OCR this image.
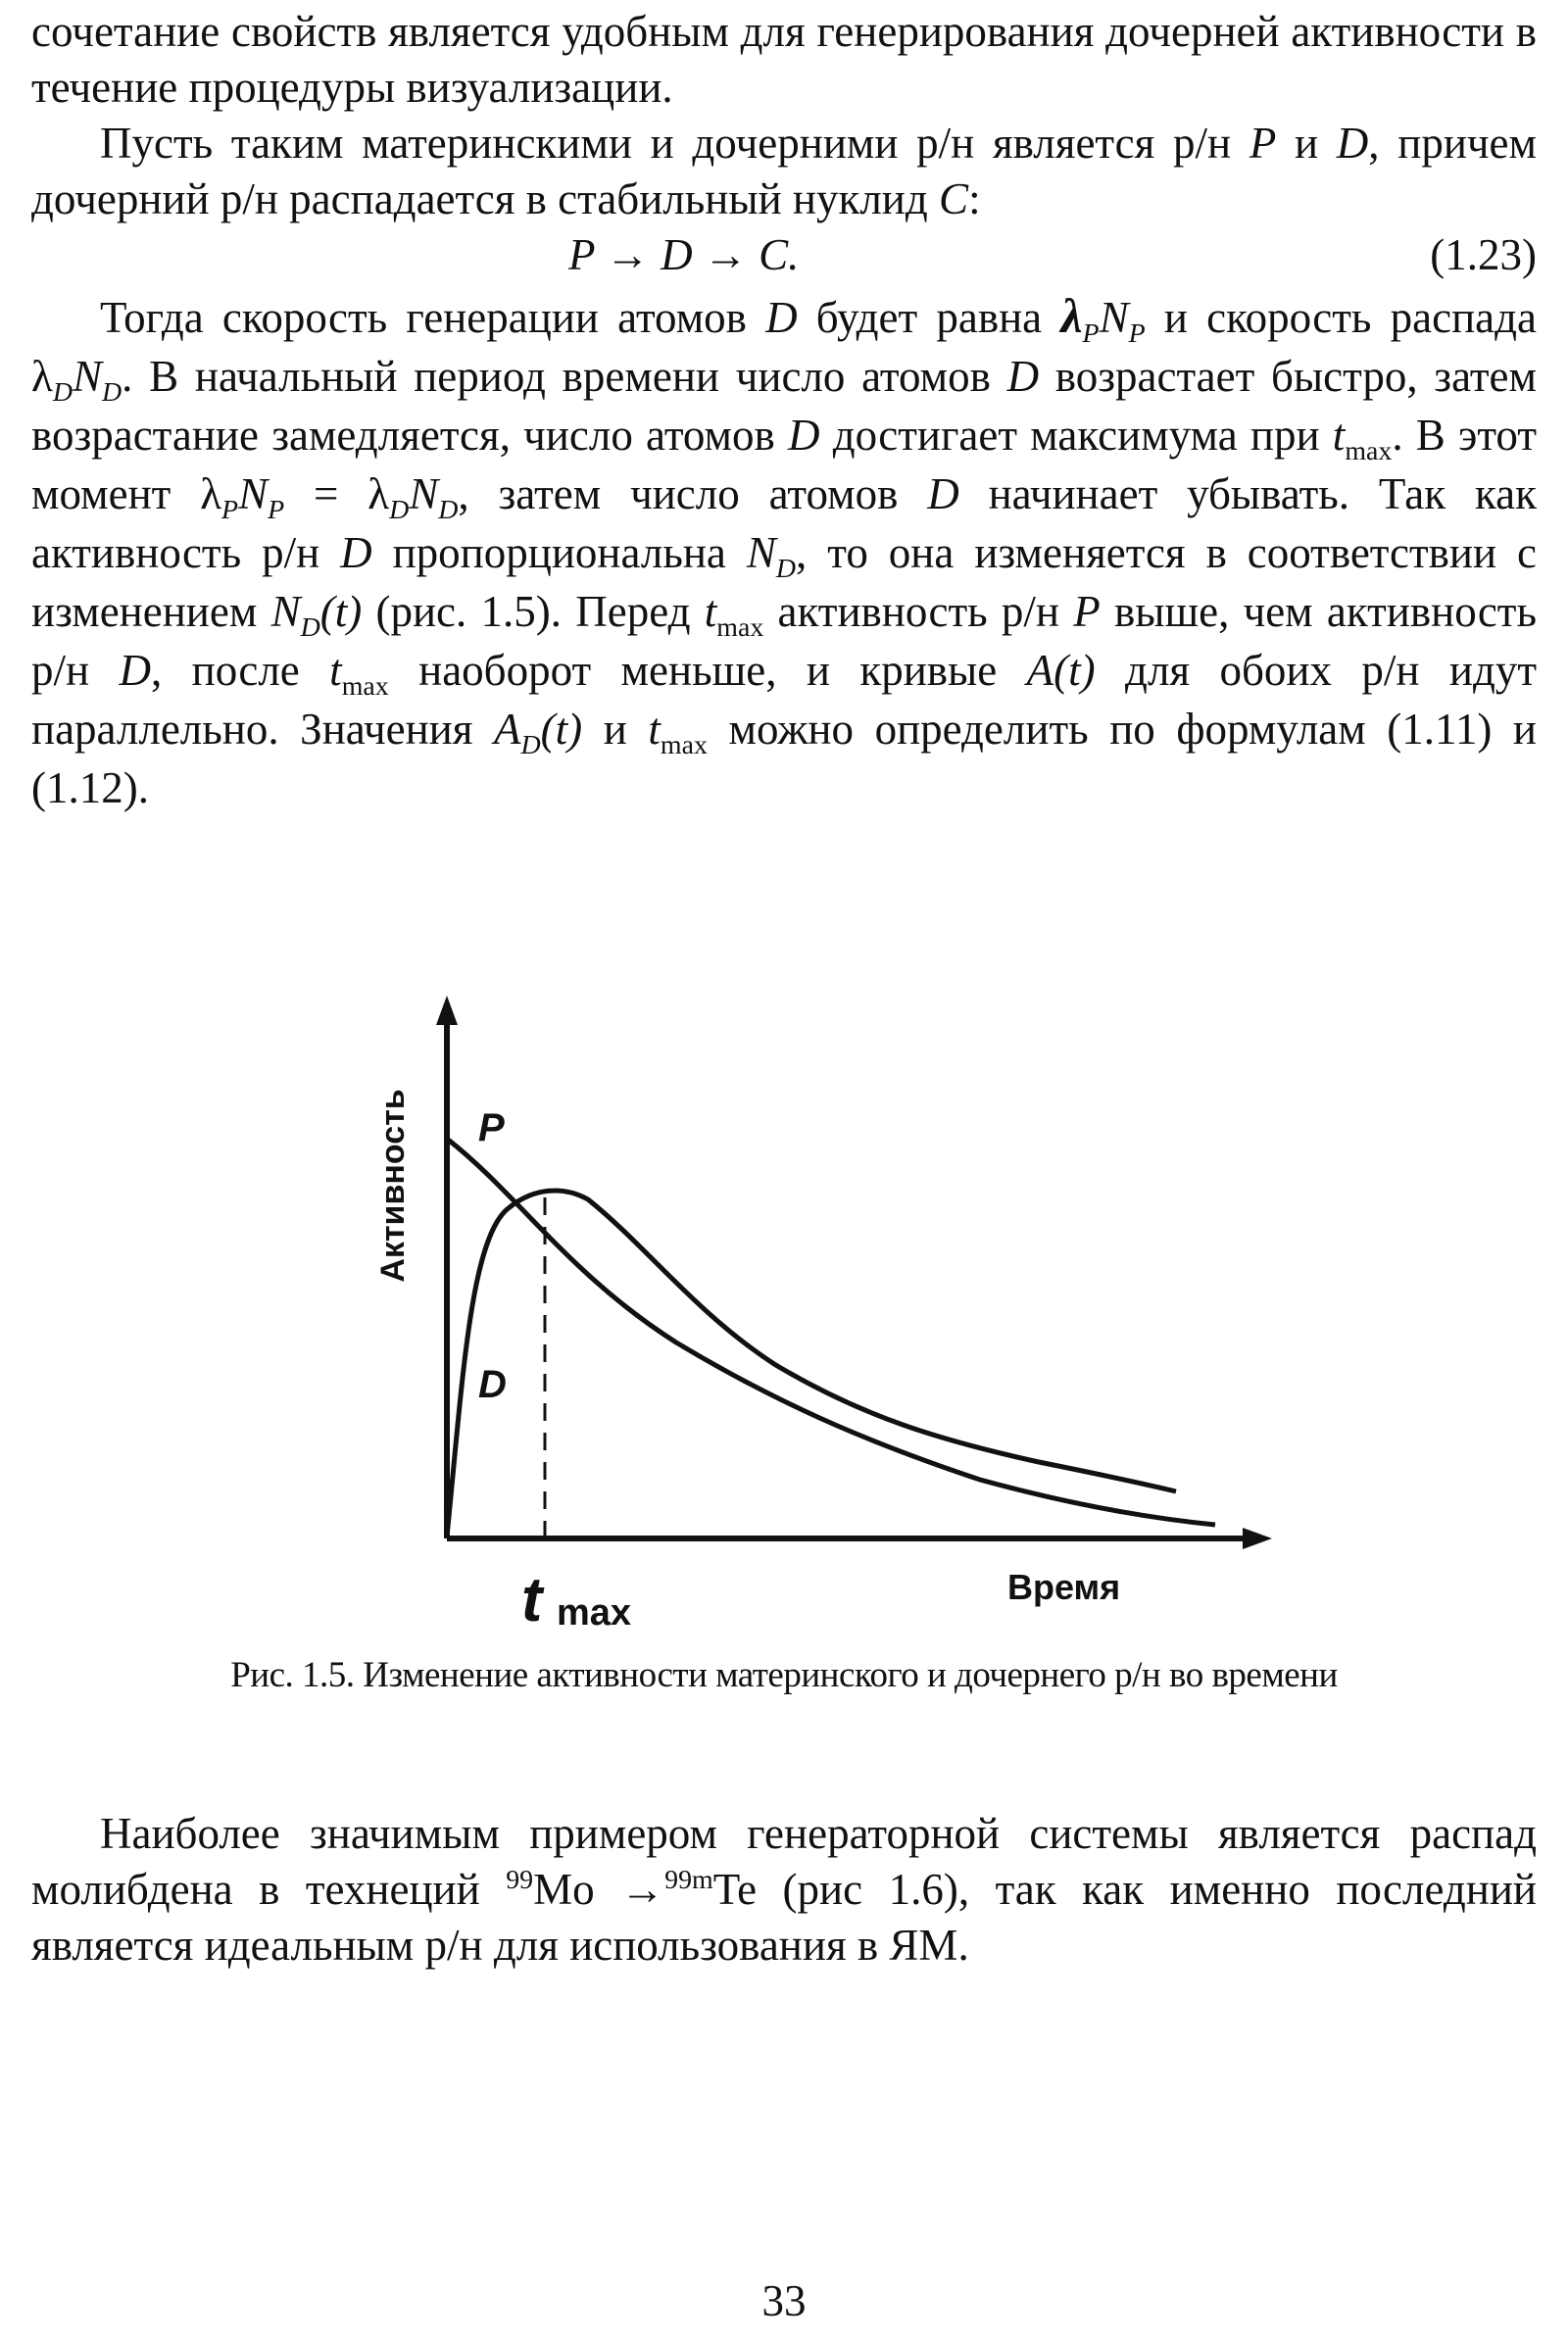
сочетание свойств является удобным для генерирования дочерней активности в течение процедуры визуализации.

Пусть таким материнскими и дочерними р/н является р/н P и D, причем дочерний р/н распадается в стабильный нуклид C:

P → D → C.	(1.23)

Тогда скорость генерации атомов D будет равна $\lambda_PN_P$ и скорость распада $\lambda_DN_D$. В начальный период времени число атомов D возрастает быстро, затем возрастание замедляется, число атомов D достигает максимума при $t_{max}$. В этот момент $\lambda_PN_P = \lambda_DN_D$, затем число атомов D начинает убывать. Так как активность р/н D пропорциональна $N_D$, то она изменяется в соответствии с изменением $N_D(t)$ (рис. 1.5). Перед $t_{max}$ активность р/н P выше, чем активность р/н D, после $t_{max}$ наоборот меньше, и кривые A(t) для обоих р/н идут параллельно. Значения $A_D(t)$ и $t_{max}$ можно определить по формулам (1.11) и (1.12).

Активность P
D
t max
Время
Рис. 1.5. Изменение активности материнского и дочернего р/н во времени

Наиболее значимым примером генераторной системы является распад молибдена в технеций $^{99}$Mo →$^{99m}$Te (рис 1.6), так как именно последний является идеальным р/н для использования в ЯМ.

33
